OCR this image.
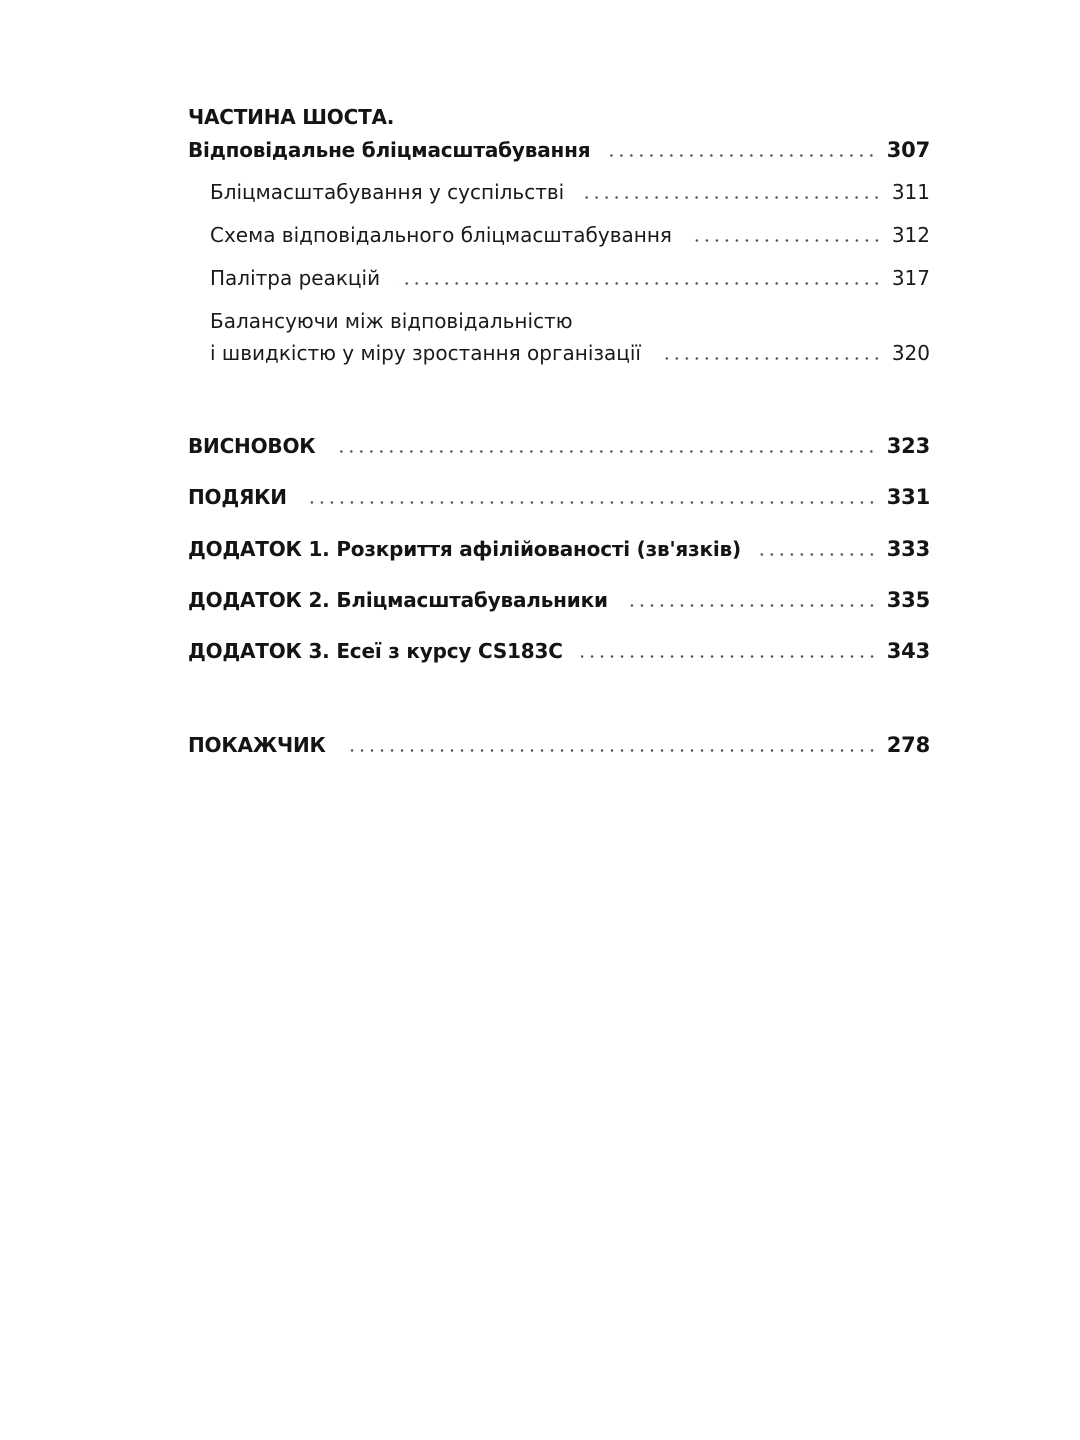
ЧАСТИНА ШОСТА.
Відповідальне бліцмасштабування	307
Бліцмасштабування у суспільстві	311
Схема відповідального бліцмасштабування	312
Палітра реакцій	317
Балансуючи між відповідальністю
і швидкістю у міру зростання організації	320
ВИСНОВОК	323
ПОДЯКИ	331
ДОДАТОК 1. Розкриття афілійованості (зв'язків)	333
ДОДАТОК 2. Бліцмасштабувальники	335
ДОДАТОК 3. Есеї з курсу CS183C	343
ПОКАЖЧИК	278
